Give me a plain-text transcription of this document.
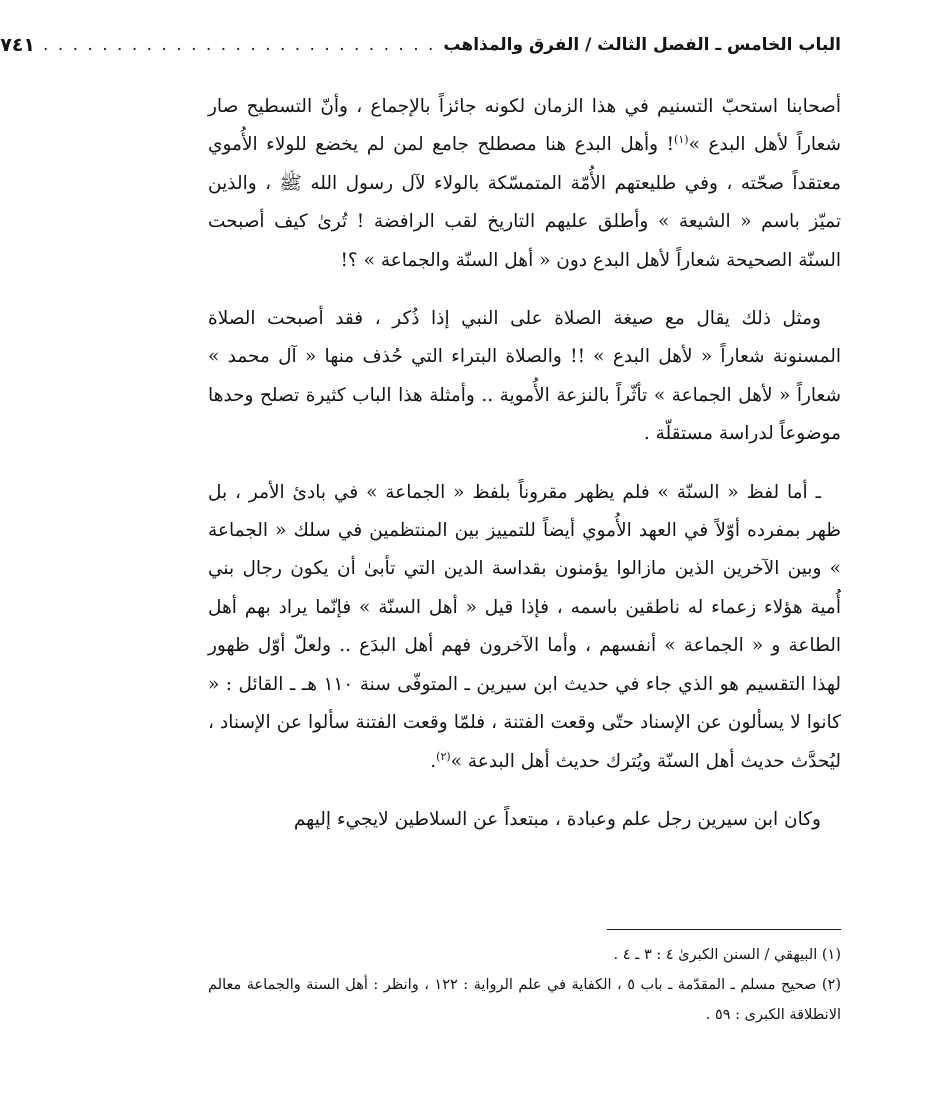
الباب الخامس ـ الفصل الثالث / الفرق والمذاهب
. . . . . . . . . . . . . . . . . . . . . . . . . . .
٧٤١

أصحابنا استحبّ التسنيم في هذا الزمان لكونه جائزاً بالإجماع ، وأنّ التسطيح صار شعاراً لأهل البدع »$^{(١)}$! وأهل البدع هنا مصطلح جامع لمن لم يخضع للولاء الأُموي معتقداً صحّته ، وفي طليعتهم الأُمّة المتمسّكة بالولاء لآل رسول الله ﷺ ، والذين تميّز باسم « الشيعة » وأطلق عليهم التاريخ لقب الرافضة ! تُرىٰ كيف أصبحت السنّة الصحيحة شعاراً لأهل البدع دون « أهل السنّة والجماعة » ؟!

ومثل ذلك يقال مع صيغة الصلاة على النبي إذا ذُكر ، فقد أصبحت الصلاة المسنونة شعاراً « لأهل البدع » !! والصلاة البتراء التي حُذف منها « آل محمد » شعاراً « لأهل الجماعة » تأثّراً بالنزعة الأُموية .. وأمثلة هذا الباب كثيرة تصلح وحدها موضوعاً لدراسة مستقلّة .

ـ أما لفظ « السنّة » فلم يظهر مقروناً بلفظ « الجماعة » في بادئ الأمر ، بل ظهر بمفرده أوّلاً في العهد الأُموي أيضاً للتمييز بين المنتظمين في سلك « الجماعة » وبين الآخرين الذين مازالوا يؤمنون بقداسة الدين التي تأبىٰ أن يكون رجال بني أُمية هؤلاء زعماء له ناطقين باسمه ، فإذا قيل « أهل السنّة » فإنّما يراد بهم أهل الطاعة و « الجماعة » أنفسهم ، وأما الآخرون فهم أهل البدَع .. ولعلّ أوّل ظهور لهذا التقسيم هو الذي جاء في حديث ابن سيرين ـ المتوفّى سنة ١١٠ هـ ـ القائل : « كانوا لا يسألون عن الإسناد حتّى وقعت الفتنة ، فلمّا وقعت الفتنة سألوا عن الإسناد ، ليُحدَّث حديث أهل السنّة ويُترك حديث أهل البدعة »$^{(٢)}$.

وكان ابن سيرين رجل علم وعبادة ، مبتعداً عن السلاطين لايجيء إليهم

(١) البيهقي / السنن الكبرىٰ ٤ : ٣ ـ ٤ .

(٢) صحيح مسلم ـ المقدّمة ـ باب ٥ ، الكفاية في علم الرواية : ١٢٢ ، وانظر : أهل السنة والجماعة معالم الانطلاقة الكبرى : ٥٩ .
